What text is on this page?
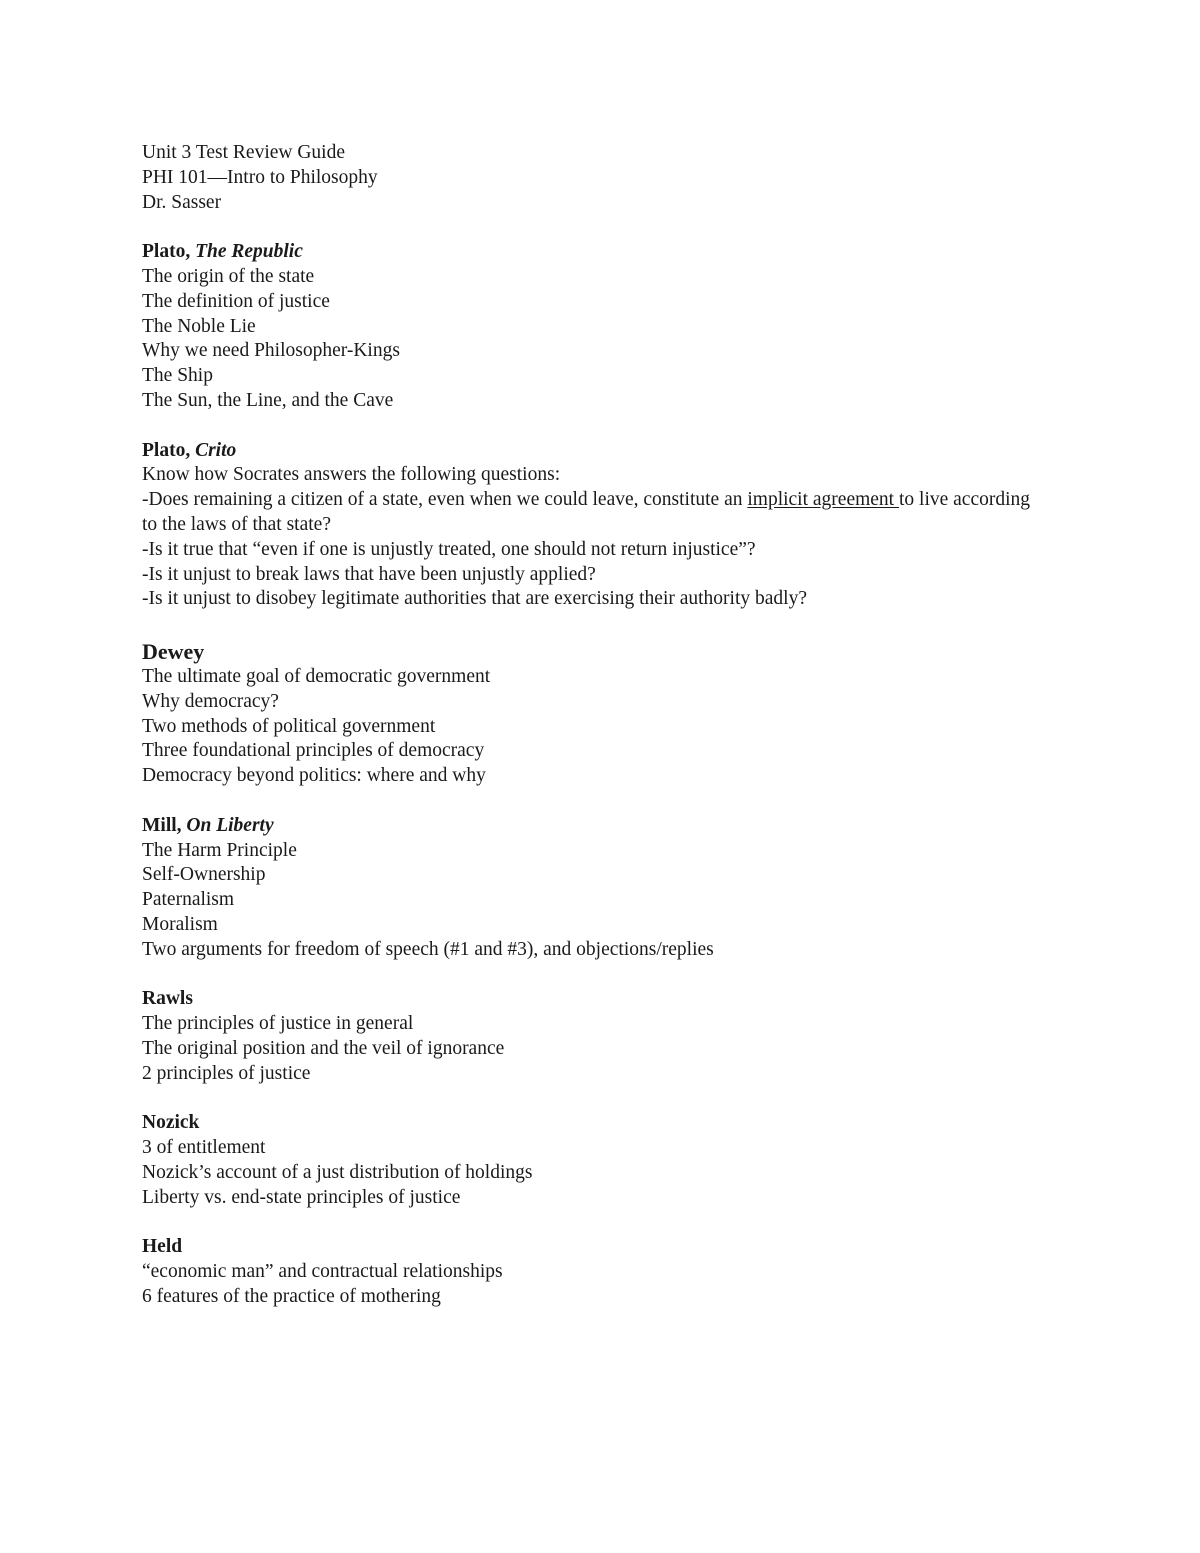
Unit 3 Test Review Guide
PHI 101—Intro to Philosophy
Dr. Sasser
Plato, The Republic
The origin of the state
The definition of justice
The Noble Lie
Why we need Philosopher-Kings
The Ship
The Sun, the Line, and the Cave
Plato, Crito
Know how Socrates answers the following questions:
-Does remaining a citizen of a state, even when we could leave, constitute an implicit agreement to live according to the laws of that state?
-Is it true that “even if one is unjustly treated, one should not return injustice”?
-Is it unjust to break laws that have been unjustly applied?
-Is it unjust to disobey legitimate authorities that are exercising their authority badly?
Dewey
The ultimate goal of democratic government
Why democracy?
Two methods of political government
Three foundational principles of democracy
Democracy beyond politics: where and why
Mill, On Liberty
The Harm Principle
Self-Ownership
Paternalism
Moralism
Two arguments for freedom of speech (#1 and #3), and objections/replies
Rawls
The principles of justice in general
The original position and the veil of ignorance
2 principles of justice
Nozick
3 of entitlement
Nozick’s account of a just distribution of holdings
Liberty vs. end-state principles of justice
Held
“economic man” and contractual relationships
6 features of the practice of mothering
